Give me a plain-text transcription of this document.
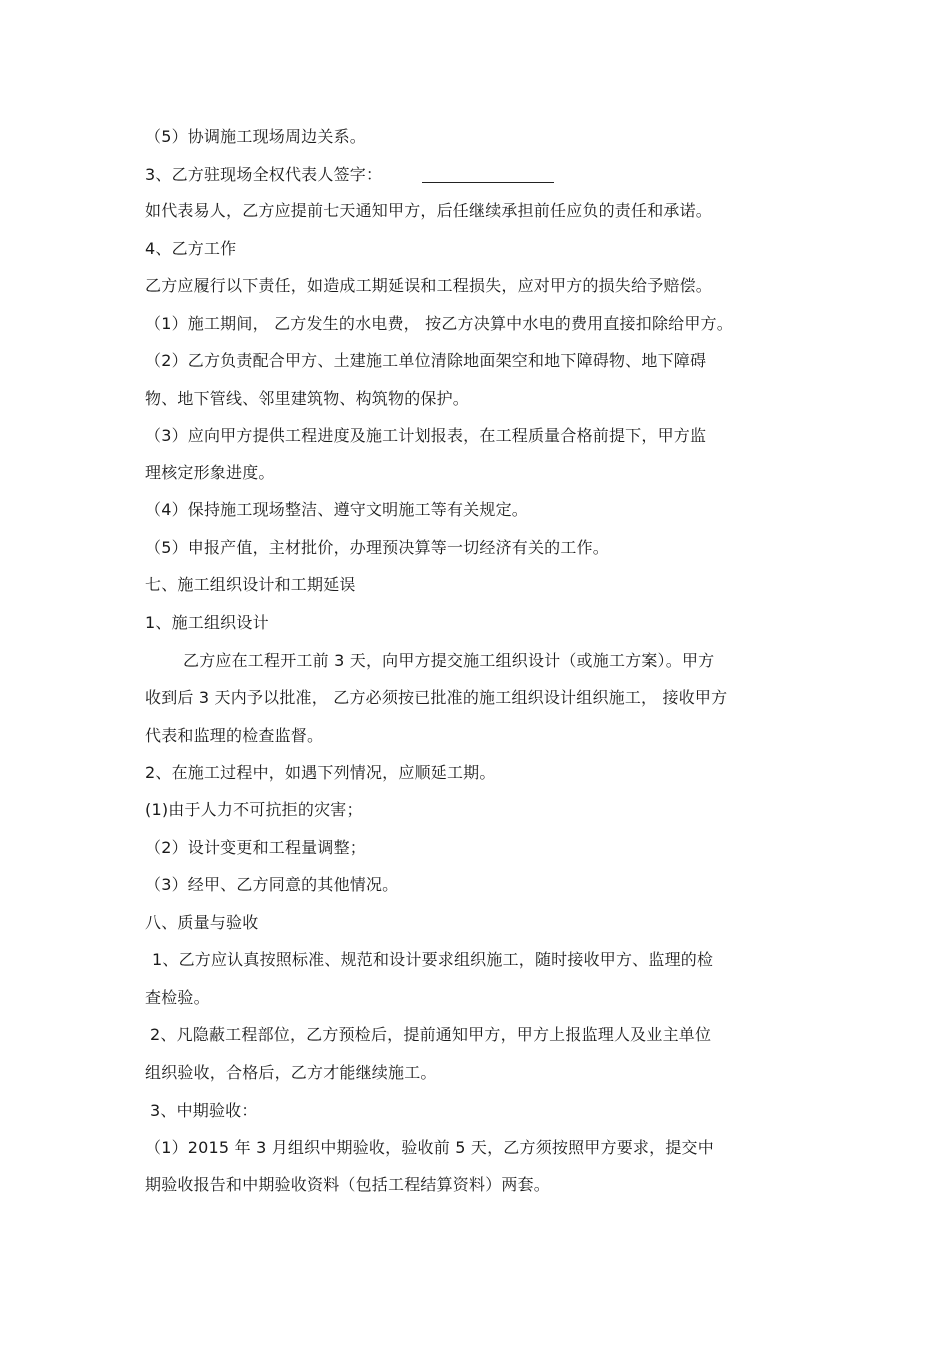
（5）协调施工现场周边关系。
3、乙方驻现场全权代表人签字：
如代表易人，乙方应提前七天通知甲方，后任继续承担前任应负的责任和承诺。
4、乙方工作
乙方应履行以下责任，如造成工期延误和工程损失，应对甲方的损失给予赔偿。
（1）施工期间， 乙方发生的水电费， 按乙方决算中水电的费用直接扣除给甲方。
（2）乙方负责配合甲方、土建施工单位清除地面架空和地下障碍物、地下障碍
物、地下管线、邻里建筑物、构筑物的保护。
（3）应向甲方提供工程进度及施工计划报表，在工程质量合格前提下，甲方监
理核定形象进度。
（4）保持施工现场整洁、遵守文明施工等有关规定。
（5）申报产值，主材批价，办理预决算等一切经济有关的工作。
七、施工组织设计和工期延误
1、施工组织设计
乙方应在工程开工前 3 天，向甲方提交施工组织设计（或施工方案）。甲方
收到后 3 天内予以批准， 乙方必须按已批准的施工组织设计组织施工， 接收甲方
代表和监理的检查监督。
2、在施工过程中，如遇下列情况，应顺延工期。
(1)由于人力不可抗拒的灾害；
（2）设计变更和工程量调整；
（3）经甲、乙方同意的其他情况。
八、质量与验收
1、乙方应认真按照标准、规范和设计要求组织施工，随时接收甲方、监理的检
查检验。
2、凡隐蔽工程部位，乙方预检后，提前通知甲方，甲方上报监理人及业主单位
组织验收，合格后，乙方才能继续施工。
3、中期验收：
（1）2015 年 3 月组织中期验收，验收前 5 天，乙方须按照甲方要求，提交中
期验收报告和中期验收资料（包括工程结算资料）两套。
